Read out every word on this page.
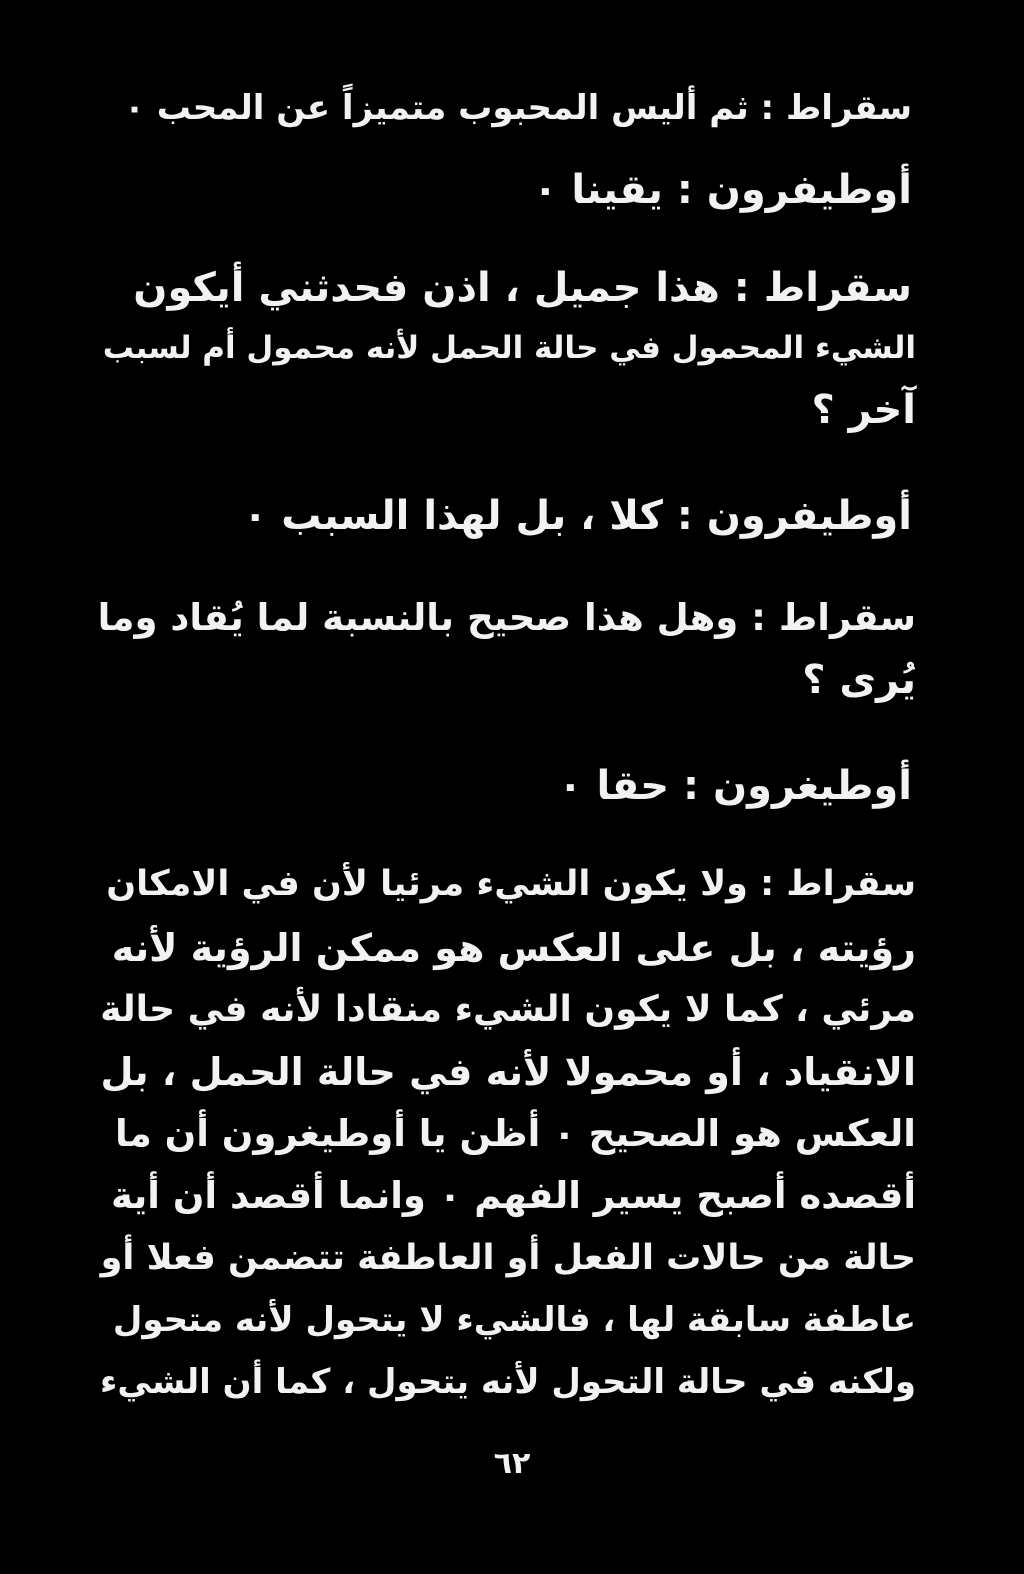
سقراط : ثم أليس المحبوب متميزاً عن المحب ٠
أوطيفرون : يقينا ٠
سقراط : هذا جميل ، اذن فحدثني أيكون
الشيء المحمول في حالة الحمل لأنه محمول أم لسبب
آخر ؟
أوطيفرون : كلا ، بل لهذا السبب ٠
سقراط : وهل هذا صحيح بالنسبة لما يُقاد وما
يُرى ؟
أوطيغرون : حقا ٠
سقراط : ولا يكون الشيء مرئيا لأن في الامكان
رؤيته ، بل على العكس هو ممكن الرؤية لأنه
مرئي ، كما لا يكون الشيء منقادا لأنه في حالة
الانقياد ، أو محمولا لأنه في حالة الحمل ، بل
العكس هو الصحيح ٠ أظن يا أوطيغرون أن ما
أقصده أصبح يسير الفهم ٠ وانما أقصد أن أية
حالة من حالات الفعل أو العاطفة تتضمن فعلا أو
عاطفة سابقة لها ، فالشيء لا يتحول لأنه متحول
ولكنه في حالة التحول لأنه يتحول ، كما أن الشيء
٦٢
